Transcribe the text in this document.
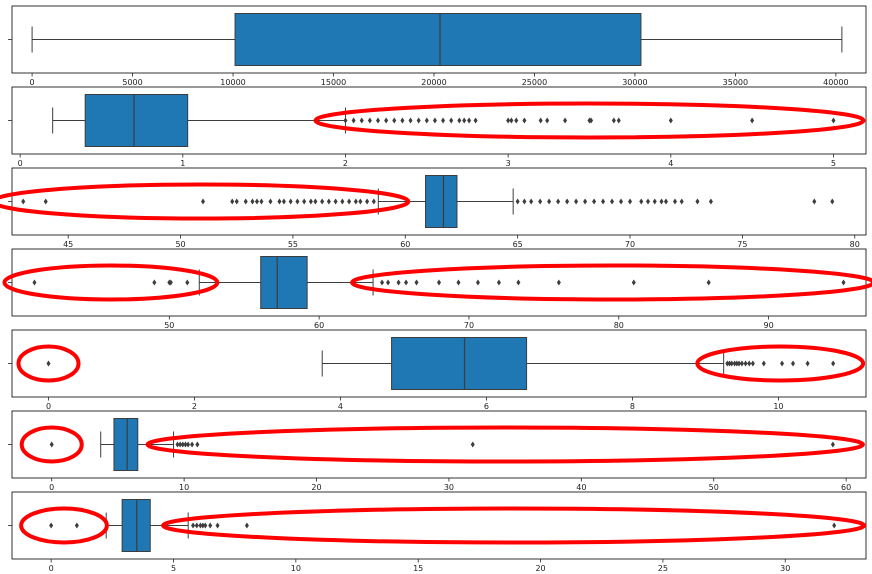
0	5000	10000	15000	20000	25000	30000	35000	40000
0	1	2	3	4	5
45	50	55	60	65	70	75	80
50	60	70	80	90
0	2	4	6	8	10
0	10	20	30	40	50	60
0	5	10	15	20	25	30
